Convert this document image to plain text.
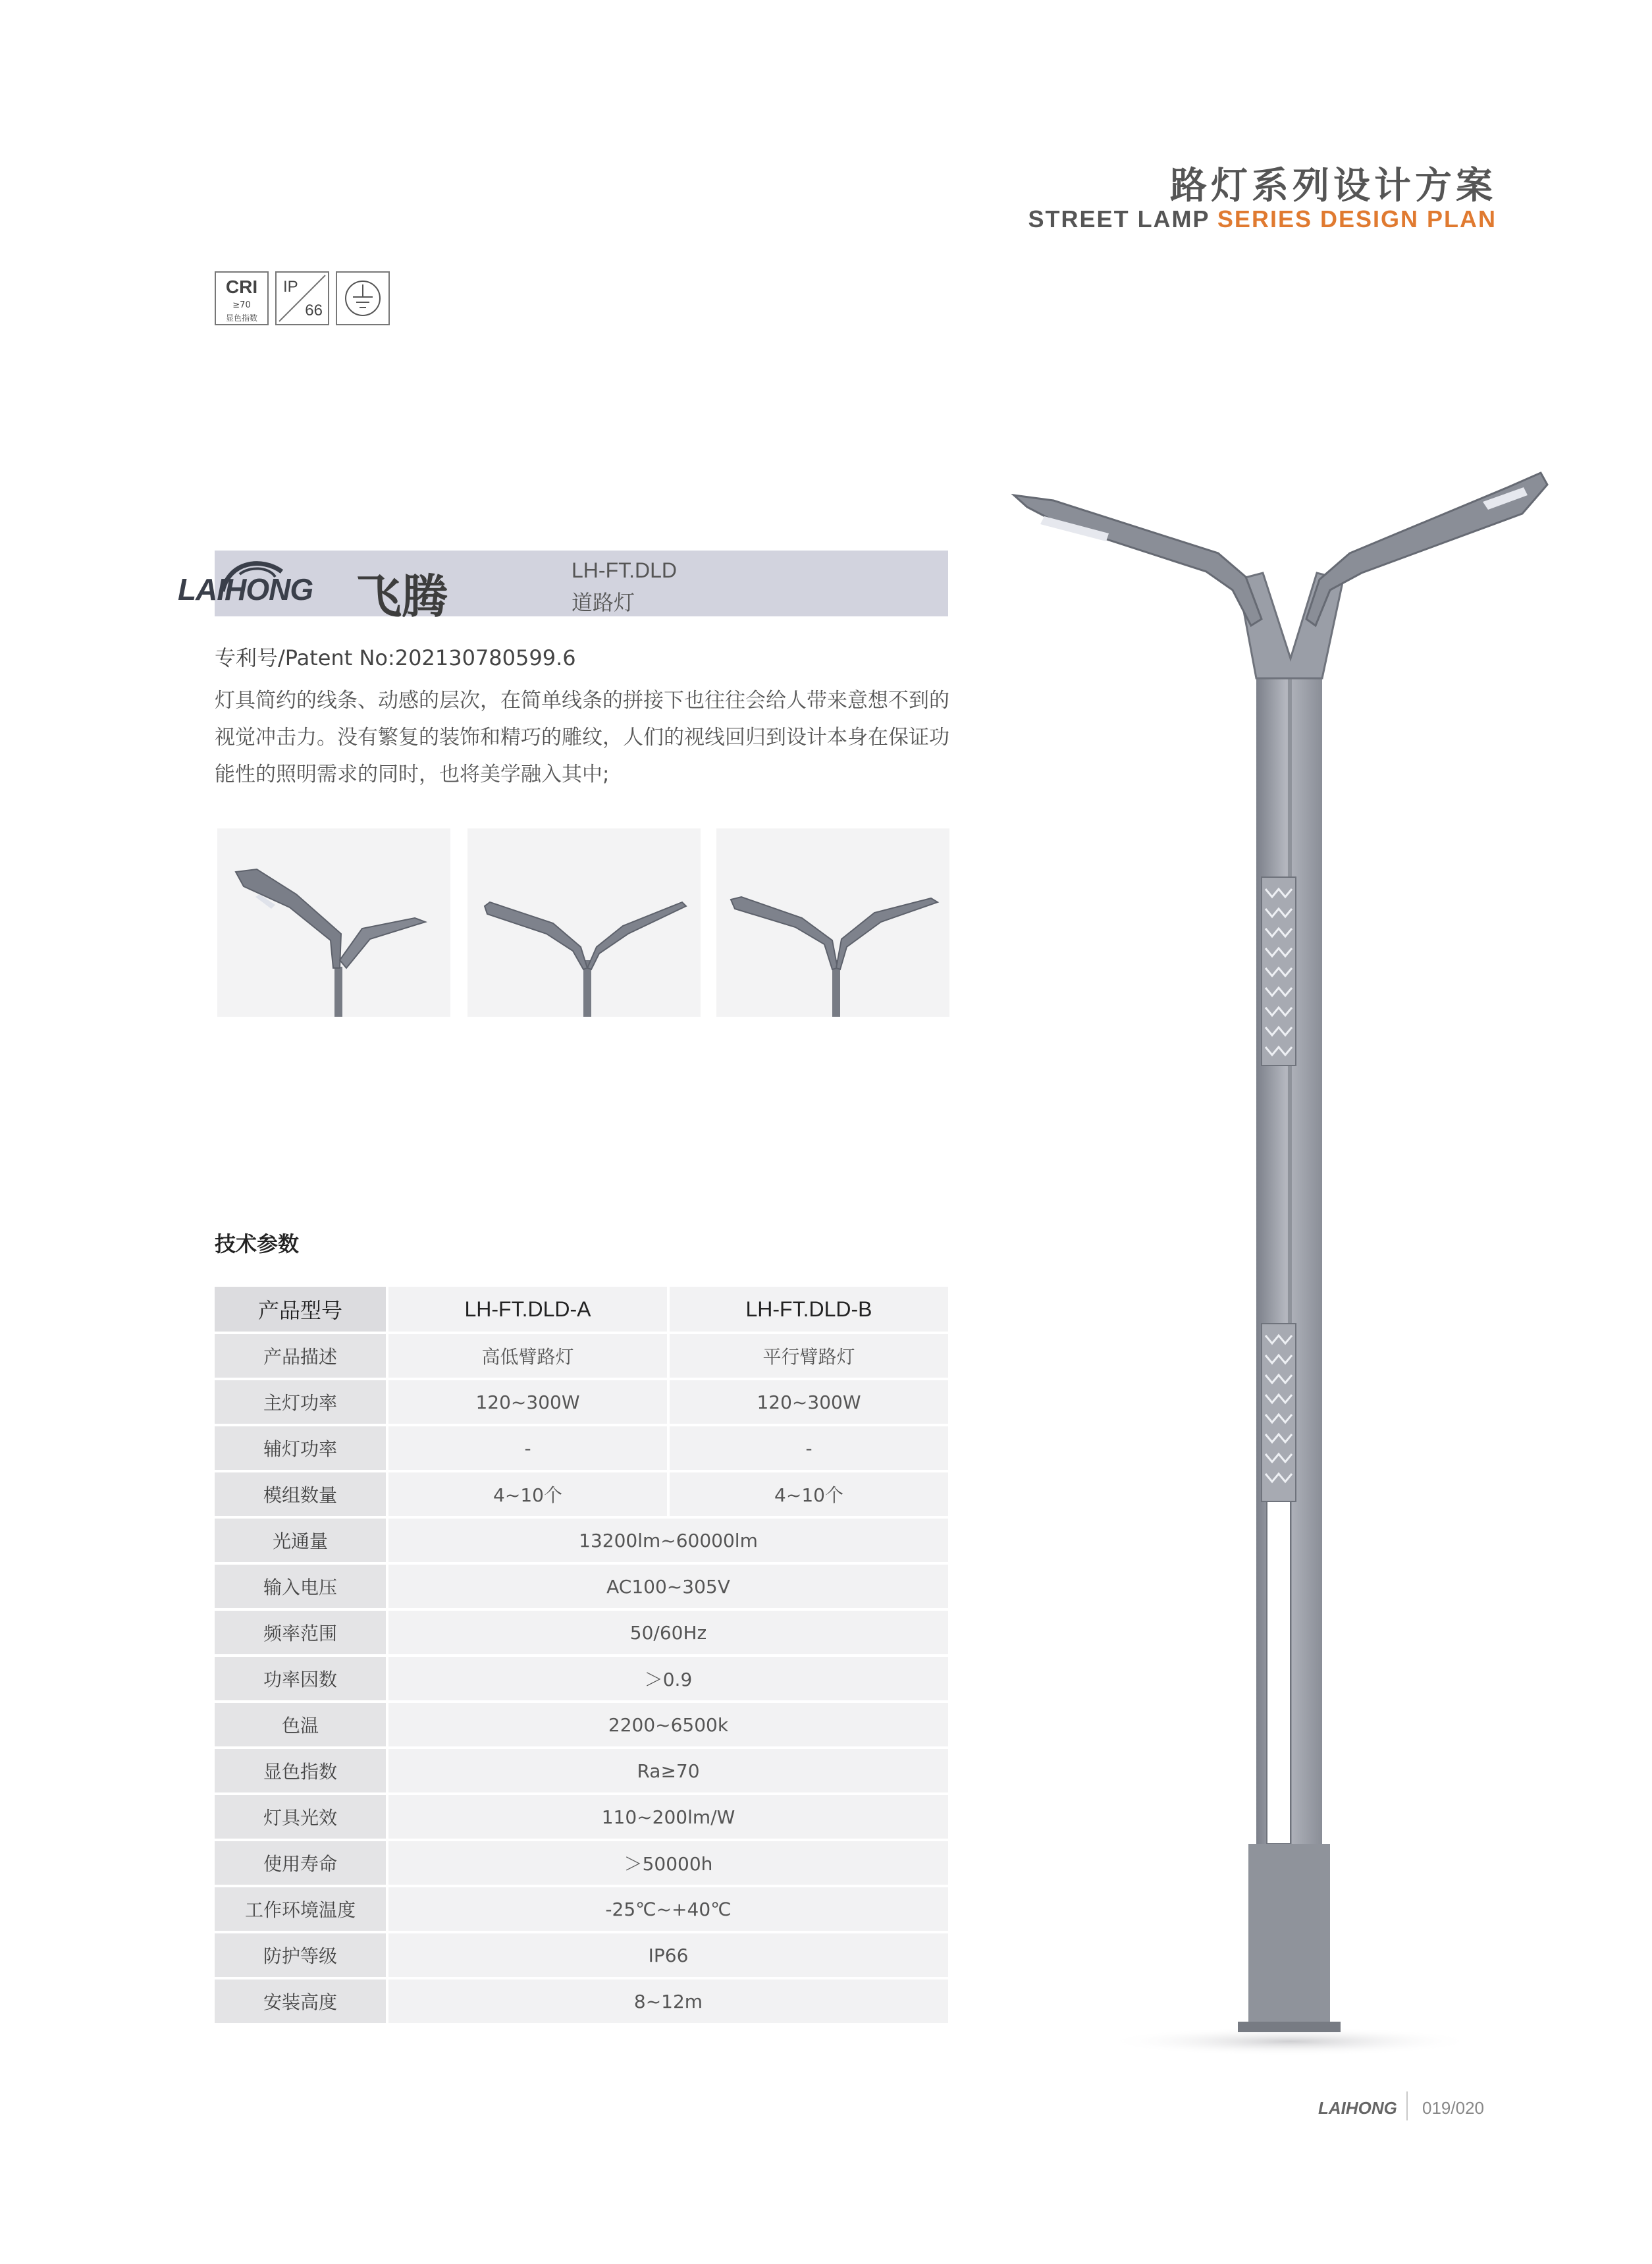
路灯系列设计方案
STREET LAMP SERIES DESIGN PLAN
CRI
≥70
显色指数
IP
66
LAIHONG 飞腾	LH-FT.DLD
道路灯
专利号/Patent No:202130780599.6
灯具简约的线条、动感的层次，在简单线条的拼接下也往往会给人带来意想不到的视觉冲击力。没有繁复的装饰和精巧的雕纹，人们的视线回归到设计本身在保证功能性的照明需求的同时，也将美学融入其中;
技术参数
产品型号	LH-FT.DLD-A	LH-FT.DLD-B
产品描述	高低臂路灯	平行臂路灯
主灯功率	120~300W	120~300W
辅灯功率	-	-
模组数量	4~10个	4~10个
光通量	13200lm~60000lm	
输入电压	AC100~305V	
频率范围	50/60Hz	
功率因数	＞0.9	
色温	2200~6500k	
显色指数	Ra≥70	
灯具光效	110~200lm/W	
使用寿命	＞50000h	
工作环境温度	-25℃~+40℃	
防护等级	IP66	
安装高度	8~12m	
LAIHONG 019/020
